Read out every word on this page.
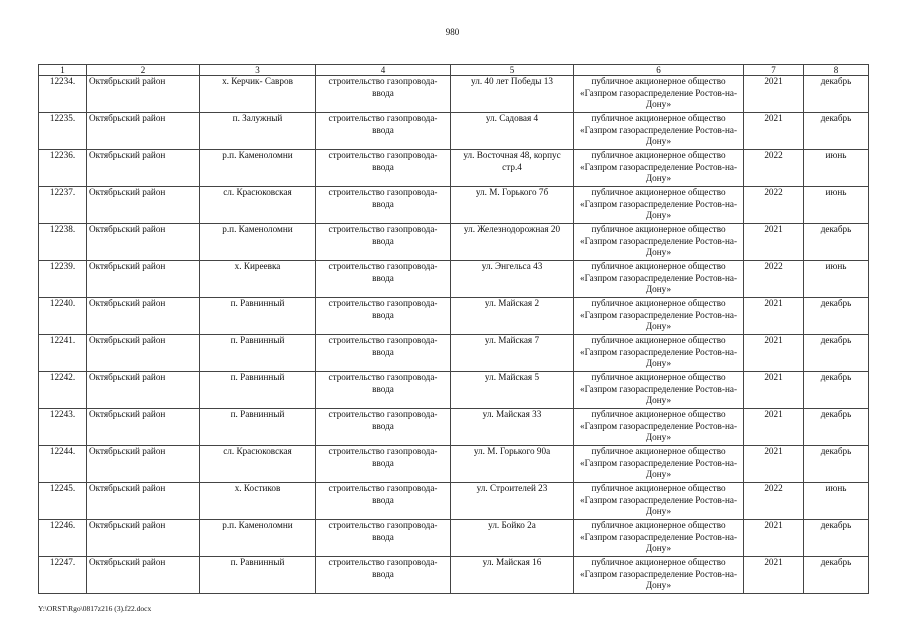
980
1	2	3	4	5	6	7	8
12234.	Октябрьский район	х. Керчик- Савров	строительство газопровода-ввода	ул. 40 лет Победы 13	публичное акционерное общество «Газпром газораспределение Ростов-на-Дону»	2021	декабрь
12235.	Октябрьский район	п. Залужный	строительство газопровода-ввода	ул. Садовая 4	публичное акционерное общество «Газпром газораспределение Ростов-на-Дону»	2021	декабрь
12236.	Октябрьский район	р.п. Каменоломни	строительство газопровода-ввода	ул. Восточная 48, корпус стр.4	публичное акционерное общество «Газпром газораспределение Ростов-на-Дону»	2022	июнь
12237.	Октябрьский район	сл. Красюковская	строительство газопровода-ввода	ул. М. Горького 7б	публичное акционерное общество «Газпром газораспределение Ростов-на-Дону»	2022	июнь
12238.	Октябрьский район	р.п. Каменоломни	строительство газопровода-ввода	ул. Железнодорожная 20	публичное акционерное общество «Газпром газораспределение Ростов-на-Дону»	2021	декабрь
12239.	Октябрьский район	х. Киреевка	строительство газопровода-ввода	ул. Энгельса 43	публичное акционерное общество «Газпром газораспределение Ростов-на-Дону»	2022	июнь
12240.	Октябрьский район	п. Равнинный	строительство газопровода-ввода	ул. Майская 2	публичное акционерное общество «Газпром газораспределение Ростов-на-Дону»	2021	декабрь
12241.	Октябрьский район	п. Равнинный	строительство газопровода-ввода	ул. Майская 7	публичное акционерное общество «Газпром газораспределение Ростов-на-Дону»	2021	декабрь
12242.	Октябрьский район	п. Равнинный	строительство газопровода-ввода	ул. Майская 5	публичное акционерное общество «Газпром газораспределение Ростов-на-Дону»	2021	декабрь
12243.	Октябрьский район	п. Равнинный	строительство газопровода-ввода	ул. Майская 33	публичное акционерное общество «Газпром газораспределение Ростов-на-Дону»	2021	декабрь
12244.	Октябрьский район	сл. Красюковская	строительство газопровода-ввода	ул. М. Горького 90а	публичное акционерное общество «Газпром газораспределение Ростов-на-Дону»	2021	декабрь
12245.	Октябрьский район	х. Костиков	строительство газопровода-ввода	ул. Строителей 23	публичное акционерное общество «Газпром газораспределение Ростов-на-Дону»	2022	июнь
12246.	Октябрьский район	р.п. Каменоломни	строительство газопровода-ввода	ул. Бойко 2а	публичное акционерное общество «Газпром газораспределение Ростов-на-Дону»	2021	декабрь
12247.	Октябрьский район	п. Равнинный	строительство газопровода-ввода	ул. Майская 16	публичное акционерное общество «Газпром газораспределение Ростов-на-Дону»	2021	декабрь
Y:\ORST\Rgo\0817z216 (3).f22.docx
